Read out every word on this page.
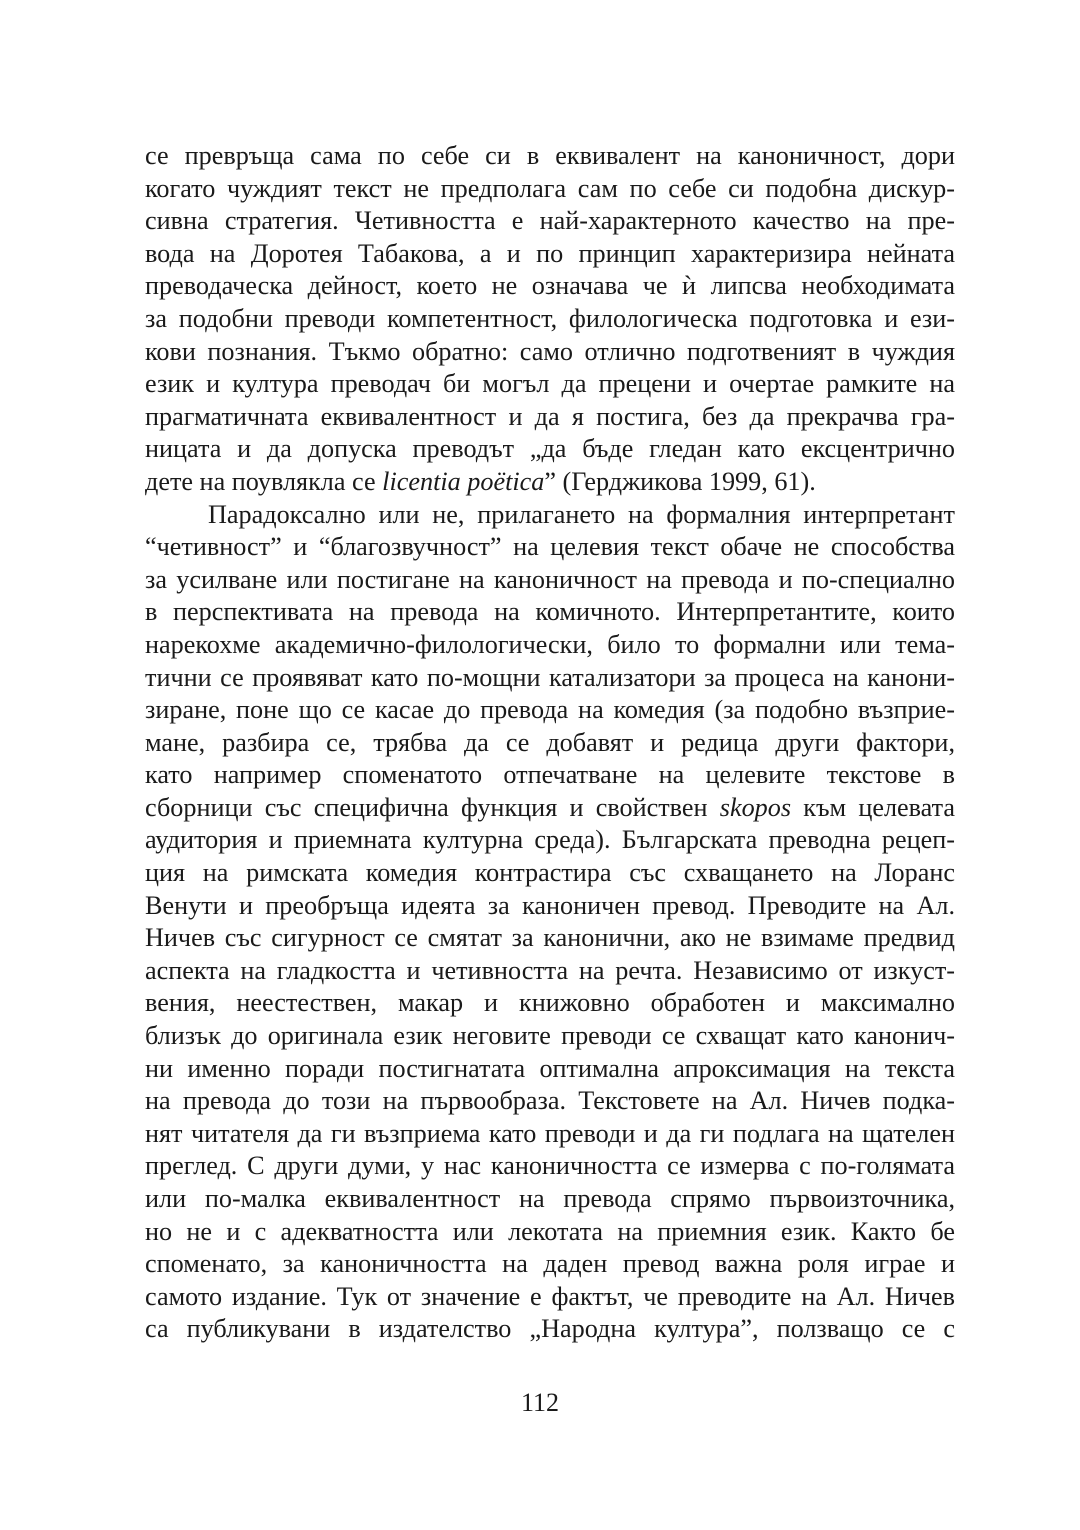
се превръща сама по себе си в еквивалент на каноничност, дори
когато чуждият текст не предполага сам по себе си подобна дискур-
сивна стратегия. Четивността е най-характерното качество на пре-
вода на Доротея Табакова, а и по принцип характеризира нейната
преводаческа дейност, което не означава че ѝ липсва необходимата
за подобни преводи компетентност, филологическа подготовка и ези-
кови познания. Тъкмо обратно: само отлично подготвеният в чуждия
език и култура преводач би могъл да прецени и очертае рамките на
прагматичната еквивалентност и да я постига, без да прекрачва гра-
ницата и да допуска преводът „да бъде гледан като ексцентрично
дете на поувлякла се licentia poëtica” (Герджикова 1999, 61).
Парадоксално или не, прилагането на формалния интерпретант
“четивност” и “благозвучност” на целевия текст обаче не способства
за усилване или постигане на каноничност на превода и по-специално
в перспективата на превода на комичното. Интерпретантите, които
нарекохме академично-филологически, било то формални или тема-
тични се проявяват като по-мощни катализатори за процеса на канони-
зиране, поне що се касае до превода на комедия (за подобно възприе-
мане, разбира се, трябва да се добавят и редица други фактори,
като например споменатото отпечатване на целевите текстове в
сборници със специфична функция и свойствен skopos към целевата
аудитория и приемната културна среда). Българската преводна рецеп-
ция на римската комедия контрастира със схващането на Лоранс
Венути и преобръща идеята за каноничен превод. Преводите на Ал.
Ничев със сигурност се смятат за канонични, ако не взимаме предвид
аспекта на гладкостта и четивността на речта. Независимо от изкуст-
вения, неестествен, макар и книжовно обработен и максимално
близък до оригинала език неговите преводи се схващат като канонич-
ни именно поради постигнатата оптимална апроксимация на текста
на превода до този на първообраза. Текстовете на Ал. Ничев подка-
нят читателя да ги възприема като преводи и да ги подлага на щателен
преглед. С други думи, у нас каноничността се измерва с по-голямата
или по-малка еквивалентност на превода спрямо първоизточника,
но не и с адекватността или лекотата на приемния език. Както бе
споменато, за каноничността на даден превод важна роля играе и
самото издание. Тук от значение е фактът, че преводите на Ал. Ничев
са публикувани в издателство „Народна култура”, ползващо се с
112
